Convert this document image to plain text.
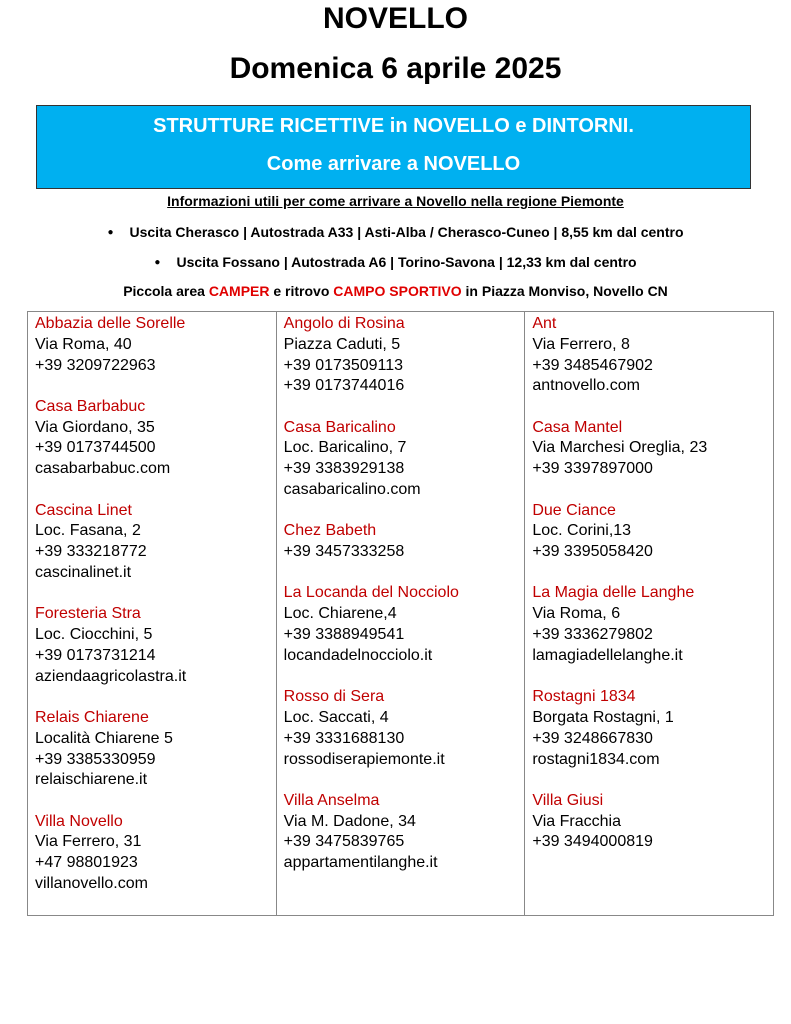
NOVELLO
Domenica 6 aprile 2025
STRUTTURE RICETTIVE in NOVELLO e DINTORNI.
Come arrivare a NOVELLO
Informazioni utili per come arrivare a Novello nella regione Piemonte
● Uscita Cherasco | Autostrada A33 | Asti-Alba / Cherasco-Cuneo | 8,55 km dal centro
● Uscita Fossano | Autostrada A6 | Torino-Savona | 12,33 km dal centro
Piccola area CAMPER e ritrovo CAMPO SPORTIVO in Piazza Monviso, Novello CN
Abbazia delle Sorelle
Via Roma, 40
+39 3209722963
Casa Barbabuc
Via Giordano, 35
+39 0173744500
casabarbabuc.com
Cascina Linet
Loc. Fasana, 2
+39 333218772
cascinalinet.it
Foresteria Stra
Loc. Ciocchini, 5
+39 0173731214
aziendaagricolastra.it
Relais Chiarene
Località Chiarene 5
+39 3385330959
relaischiarene.it
Villa Novello
Via Ferrero, 31
+47 98801923
villanovello.com
Angolo di Rosina
Piazza Caduti, 5
+39 0173509113
+39 0173744016
Casa Baricalino
Loc. Baricalino, 7
+39 3383929138
casabaricalino.com
Chez Babeth
+39 3457333258
La Locanda del Nocciolo
Loc. Chiarene,4
+39 3388949541
locandadelnocciolo.it
Rosso di Sera
Loc. Saccati, 4
+39 3331688130
rossodiserapiemonte.it
Villa Anselma
Via M. Dadone, 34
+39 3475839765
appartamentilanghe.it
Ant
Via Ferrero, 8
+39 3485467902
antnovello.com
Casa Mantel
Via Marchesi Oreglia, 23
+39 3397897000
Due Ciance
Loc. Corini,13
+39 3395058420
La Magia delle Langhe
Via Roma, 6
+39 3336279802
lamagiadellelanghe.it
Rostagni 1834
Borgata Rostagni, 1
+39 3248667830
rostagni1834.com
Villa Giusi
Via Fracchia
+39 3494000819
